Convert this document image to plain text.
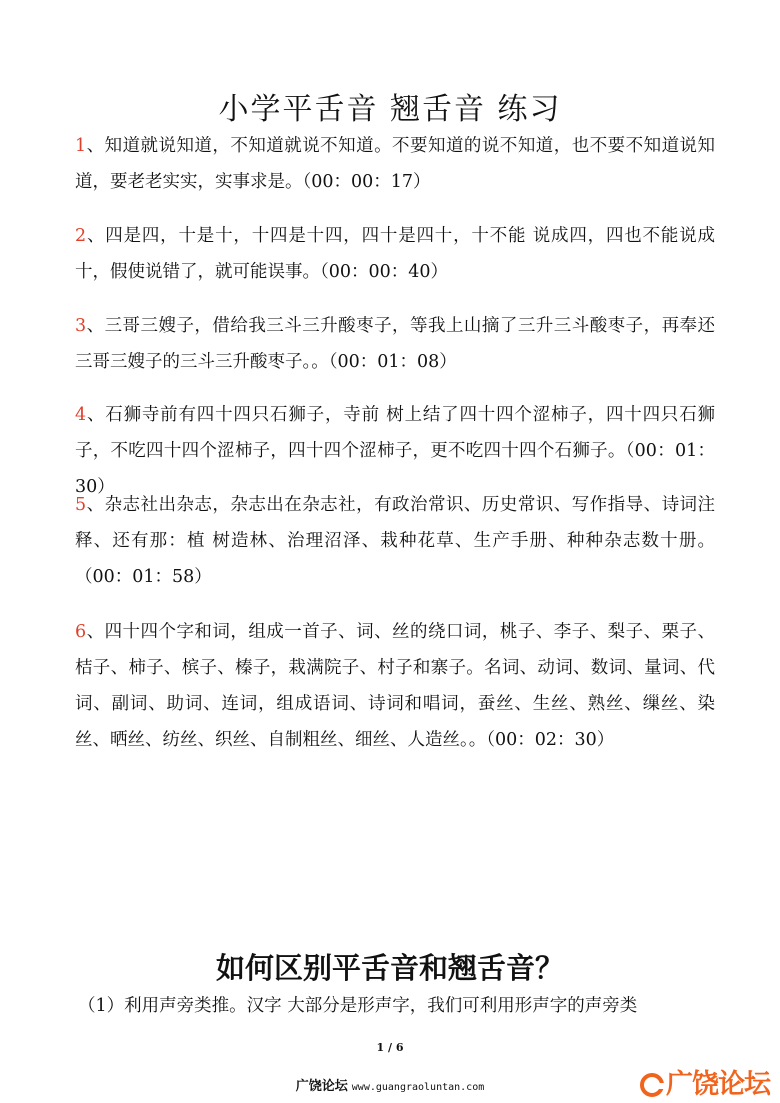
小学平舌音 翘舌音 练习

1、知道就说知道，不知道就说不知道。不要知道的说不知道，也不要不知道说知道，要老老实实，实事求是。（00：00：17）

2、四是四，十是十，十四是十四，四十是四十，十不能 说成四，四也不能说成十，假使说错了，就可能误事。（00：00：40）

3、三哥三嫂子，借给我三斗三升酸枣子，等我上山摘了三升三斗酸枣子，再奉还三哥三嫂子的三斗三升酸枣子。。（00：01：08）

4、石狮寺前有四十四只石狮子，寺前 树上结了四十四个涩柿子，四十四只石狮子，不吃四十四个涩柿子，四十四个涩柿子，更不吃四十四个石狮子。（00：01：30）

5、杂志社出杂志，杂志出在杂志社，有政治常识、历史常识、写作指导、诗词注释、还有那：植 树造林、治理沼泽、栽种花草、生产手册、种种杂志数十册。（00：01：58）

6、四十四个字和词，组成一首子、词、丝的绕口词，桃子、李子、梨子、栗子、桔子、柿子、槟子、榛子，栽满院子、村子和寨子。名词、动词、数词、量词、代词、副词、助词、连词，组成语词、诗词和唱词，蚕丝、生丝、熟丝、缫丝、染丝、晒丝、纺丝、织丝、自制粗丝、细丝、人造丝。。（00：02：30）

如何区别平舌音和翘舌音？

（1）利用声旁类推。汉字 大部分是形声字，我们可利用形声字的声旁类

1 / 6
广饶论坛 www.guangraoluntan.com	广饶论坛
